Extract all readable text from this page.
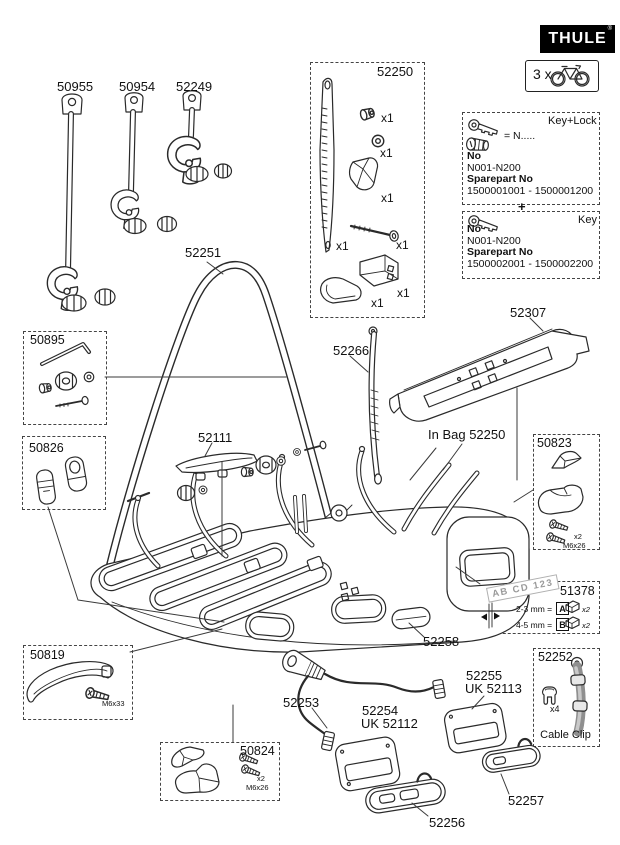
THULE
®
3 x
50955 50954 52249
52250
52251
50895
50826
52111
52266
52307
In Bag 52250
50823
51378
52258
50819
52253
52254
UK 52112
52255
UK 52113
52252
Cable Clip
50824
52256
52257
x1
x1
x1
x1	x1
x1
x1
Key+Lock
= N.....
No
N001-N200
Sparepart No
1500001001 - 1500001200
+
Key
No
N001-N200
Sparepart No
1500002001 - 1500002200
AB CD 123
2-3 mm = A	x2
4-5 mm = B	x2
x2
M6x26
x2
M6x26
M6x33
x4
